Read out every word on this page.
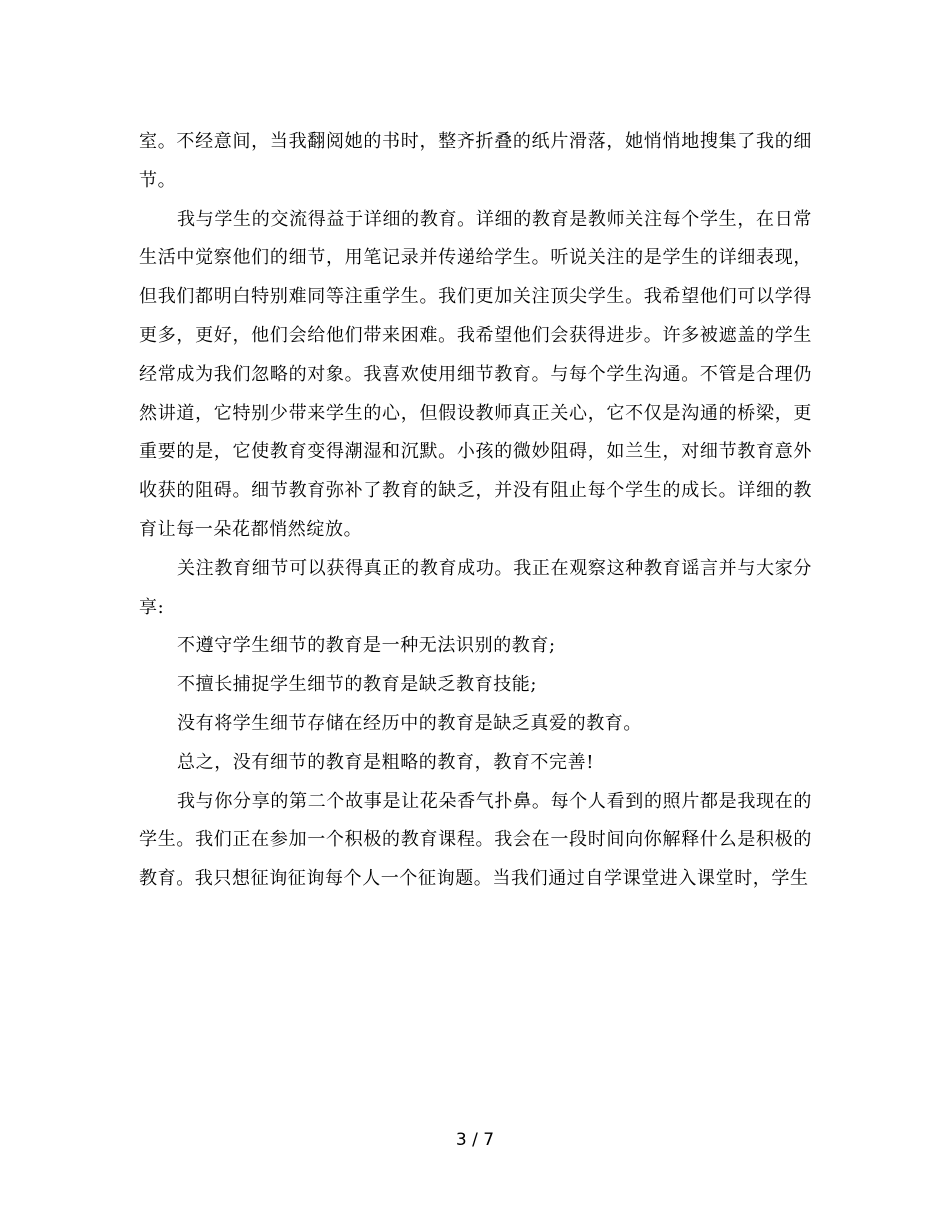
室。不经意间，当我翻阅她的书时，整齐折叠的纸片滑落，她悄悄地搜集了我的细节。

我与学生的交流得益于详细的教育。详细的教育是教师关注每个学生，在日常生活中觉察他们的细节，用笔记录并传递给学生。听说关注的是学生的详细表现，但我们都明白特别难同等注重学生。我们更加关注顶尖学生。我希望他们可以学得更多，更好，他们会给他们带来困难。我希望他们会获得进步。许多被遮盖的学生经常成为我们忽略的对象。我喜欢使用细节教育。与每个学生沟通。不管是合理仍然讲道，它特别少带来学生的心，但假设教师真正关心，它不仅是沟通的桥梁，更重要的是，它使教育变得潮湿和沉默。小孩的微妙阻碍，如兰生，对细节教育意外收获的阻碍。细节教育弥补了教育的缺乏，并没有阻止每个学生的成长。详细的教育让每一朵花都悄然绽放。

关注教育细节可以获得真正的教育成功。我正在观察这种教育谣言并与大家分享:

不遵守学生细节的教育是一种无法识别的教育;

不擅长捕捉学生细节的教育是缺乏教育技能;

没有将学生细节存储在经历中的教育是缺乏真爱的教育。

总之，没有细节的教育是粗略的教育，教育不完善!

我与你分享的第二个故事是让花朵香气扑鼻。每个人看到的照片都是我现在的学生。我们正在参加一个积极的教育课程。我会在一段时间向你解释什么是积极的教育。我只想征询征询每个人一个征询题。当我们通过自学课堂进入课堂时，学生

3 / 7
